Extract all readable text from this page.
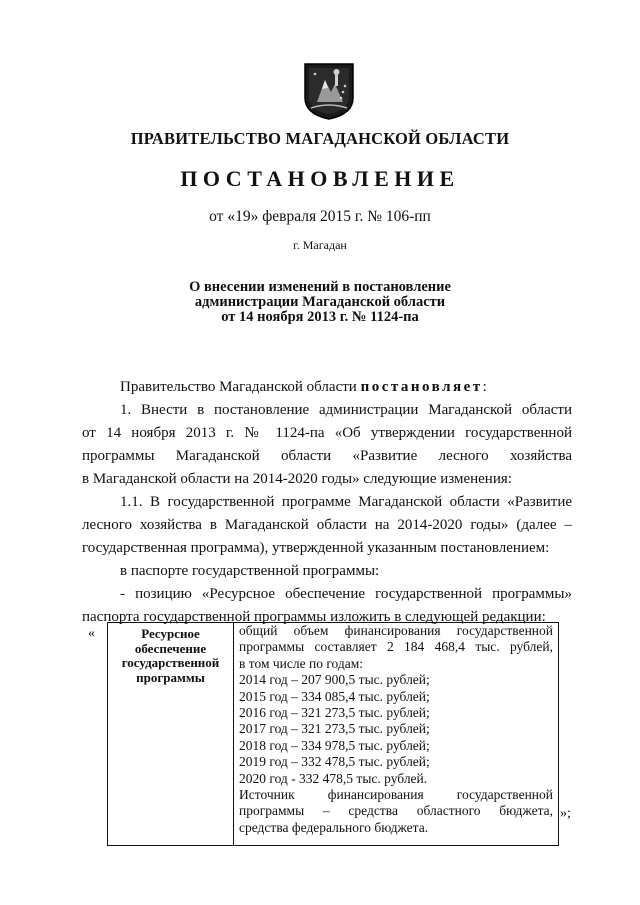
ПРАВИТЕЛЬСТВО МАГАДАНСКОЙ ОБЛАСТИ
ПОСТАНОВЛЕНИЕ
от «19» февраля 2015 г. № 106-пп
г. Магадан
О внесении изменений в постановление
администрации Магаданской области
от 14 ноября 2013 г. № 1124-па

Правительство Магаданской области постановляет:

1. Внести в постановление администрации Магаданской области
от 14 ноября 2013 г. № 1124-па «Об утверждении государственной
программы Магаданской области «Развитие лесного хозяйства
в Магаданской области на 2014-2020 годы» следующие изменения:
1.1. В государственной программе Магаданской области «Развитие
лесного хозяйства в Магаданской области на 2014-2020 годы» (далее –
государственная программа), утвержденной указанным постановлением:
в паспорте государственной программы:
- позицию «Ресурсное обеспечение государственной программы»
паспорта государственной программы изложить в следующей редакции:
«	Ресурсное
обеспечение
государственной
программы
общий объем финансирования государственной
программы составляет 2 184 468,4 тыс. рублей,
в том числе по годам:
2014 год – 207 900,5 тыс. рублей;
2015 год – 334 085,4 тыс. рублей;
2016 год – 321 273,5 тыс. рублей;
2017 год – 321 273,5 тыс. рублей;
2018 год – 334 978,5 тыс. рублей;
2019 год – 332 478,5 тыс. рублей;
2020 год - 332 478,5 тыс. рублей.
Источник финансирования государственной
программы – средства областного бюджета,
средства федерального бюджета.
»;
